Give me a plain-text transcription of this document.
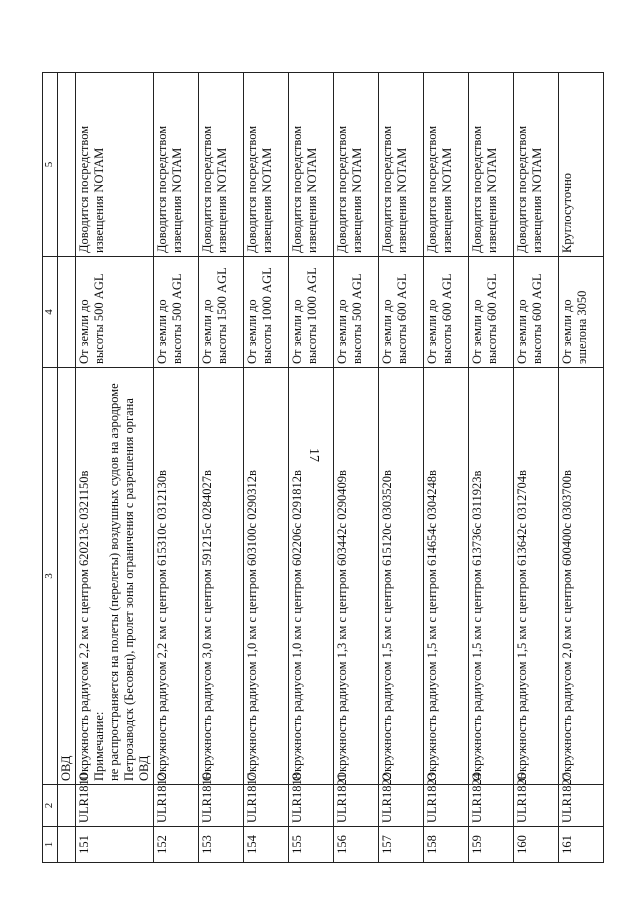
17
1	2	3	4	5
		ОВД		
151	ULR1810	Окружность радиусом 2,2 км с центром 620213с 0321150в Примечание: не распространяется на полеты (перелеты) воздушных судов на аэродроме Петрозаводск (Бесовец), пролет зоны ограничения с разрешения органа ОВД	От земли до высоты 500 AGL	Доводится посредством извещения NOTAM
152	ULR1812	Окружность радиусом 2,2 км с центром 615310с 0312130в	От земли до высоты 500 AGL	Доводится посредством извещения NOTAM
153	ULR1816	Окружность радиусом 3,0 км с центром 591215с 0284027в	От земли до высоты 1500 AGL	Доводится посредством извещения NOTAM
154	ULR1817	Окружность радиусом 1,0 км с центром 603100с 0290312в	От земли до высоты 1000 AGL	Доводится посредством извещения NOTAM
155	ULR1818	Окружность радиусом 1,0 км с центром 602206с 0291812в	От земли до высоты 1000 AGL	Доводится посредством извещения NOTAM
156	ULR1821	Окружность радиусом 1,3 км с центром 603442с 0290409в	От земли до высоты 500 AGL	Доводится посредством извещения NOTAM
157	ULR1822	Окружность радиусом 1,5 км с центром 615120с 0303520в	От земли до высоты 600 AGL	Доводится посредством извещения NOTAM
158	ULR1823	Окружность радиусом 1,5 км с центром 614654с 0304248в	От земли до высоты 600 AGL	Доводится посредством извещения NOTAM
159	ULR1824	Окружность радиусом 1,5 км с центром 613736с 0311923в	От земли до высоты 600 AGL	Доводится посредством извещения NOTAM
160	ULR1826	Окружность радиусом 1,5 км с центром 613642с 0312704в	От земли до высоты 600 AGL	Доводится посредством извещения NOTAM
161	ULR1827	Окружность радиусом 2,0 км с центром 600400с 0303700в	От земли до эшелона 3050	Круглосуточно
